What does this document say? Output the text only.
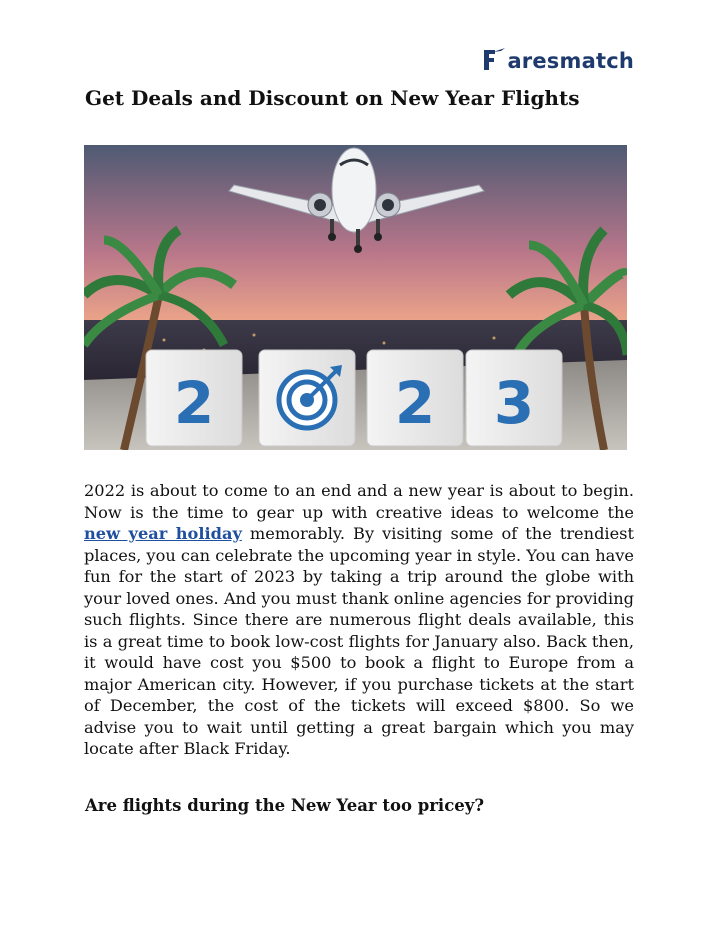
aresmatch
Get Deals and Discount on New Year Flights
2	2 3

2022 is about to come to an end and a new year is about to begin. Now is the time to gear up with creative ideas to welcome the new year holiday memorably. By visiting some of the trendiest places, you can celebrate the upcoming year in style. You can have fun for the start of 2023 by taking a trip around the globe with your loved ones. And you must thank online agencies for providing such flights. Since there are numerous flight deals available, this is a great time to book low-cost flights for January also. Back then, it would have cost you $500 to book a flight to Europe from a major American city. However, if you purchase tickets at the start of December, the cost of the tickets will exceed $800. So we advise you to wait until getting a great bargain which you may locate after Black Friday.

Are flights during the New Year too pricey?
